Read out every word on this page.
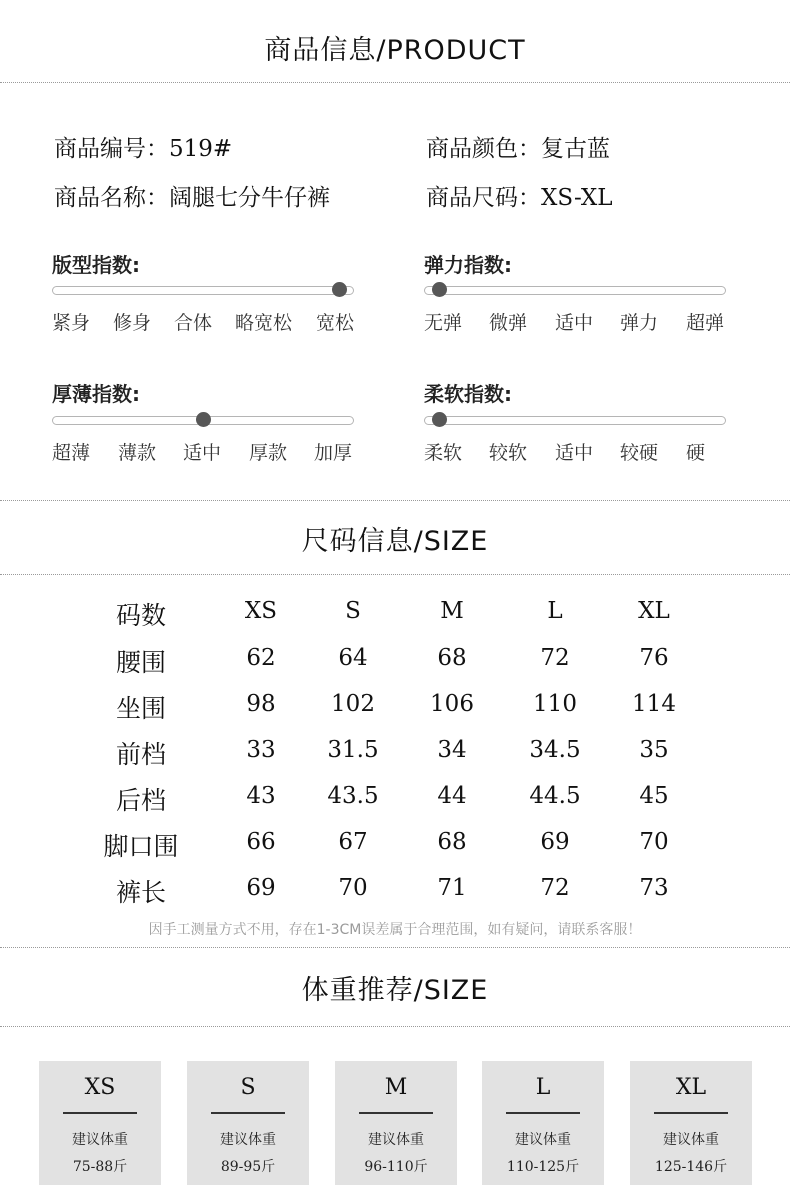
商品信息/PRODUCT
商品编号：519#	商品颜色：复古蓝
商品名称：阔腿七分牛仔裤	商品尺码：XS-XL
版型指数:
紧身 修身 合体 略宽松 宽松
弹力指数:
无弹 微弹 适中 弹力 超弹
厚薄指数:
超薄 薄款 适中 厚款 加厚
柔软指数:
柔软 较软 适中 较硬 硬
尺码信息/SIZE
码数	XS	S	M	L	XL
腰围	62	64	68	72	76
坐围	98	102	106	110	114
前档	33	31.5	34	34.5	35
后档	43	43.5	44	44.5	45
脚口围	66	67	68	69	70
裤长	69	70	71	72	73
因手工测量方式不用，存在1-3CM误差属于合理范围，如有疑问，请联系客服！
体重推荐/SIZE
XS
建议体重
75-88斤
S
建议体重
89-95斤
M
建议体重
96-110斤
L
建议体重
110-125斤
XL
建议体重
125-146斤
